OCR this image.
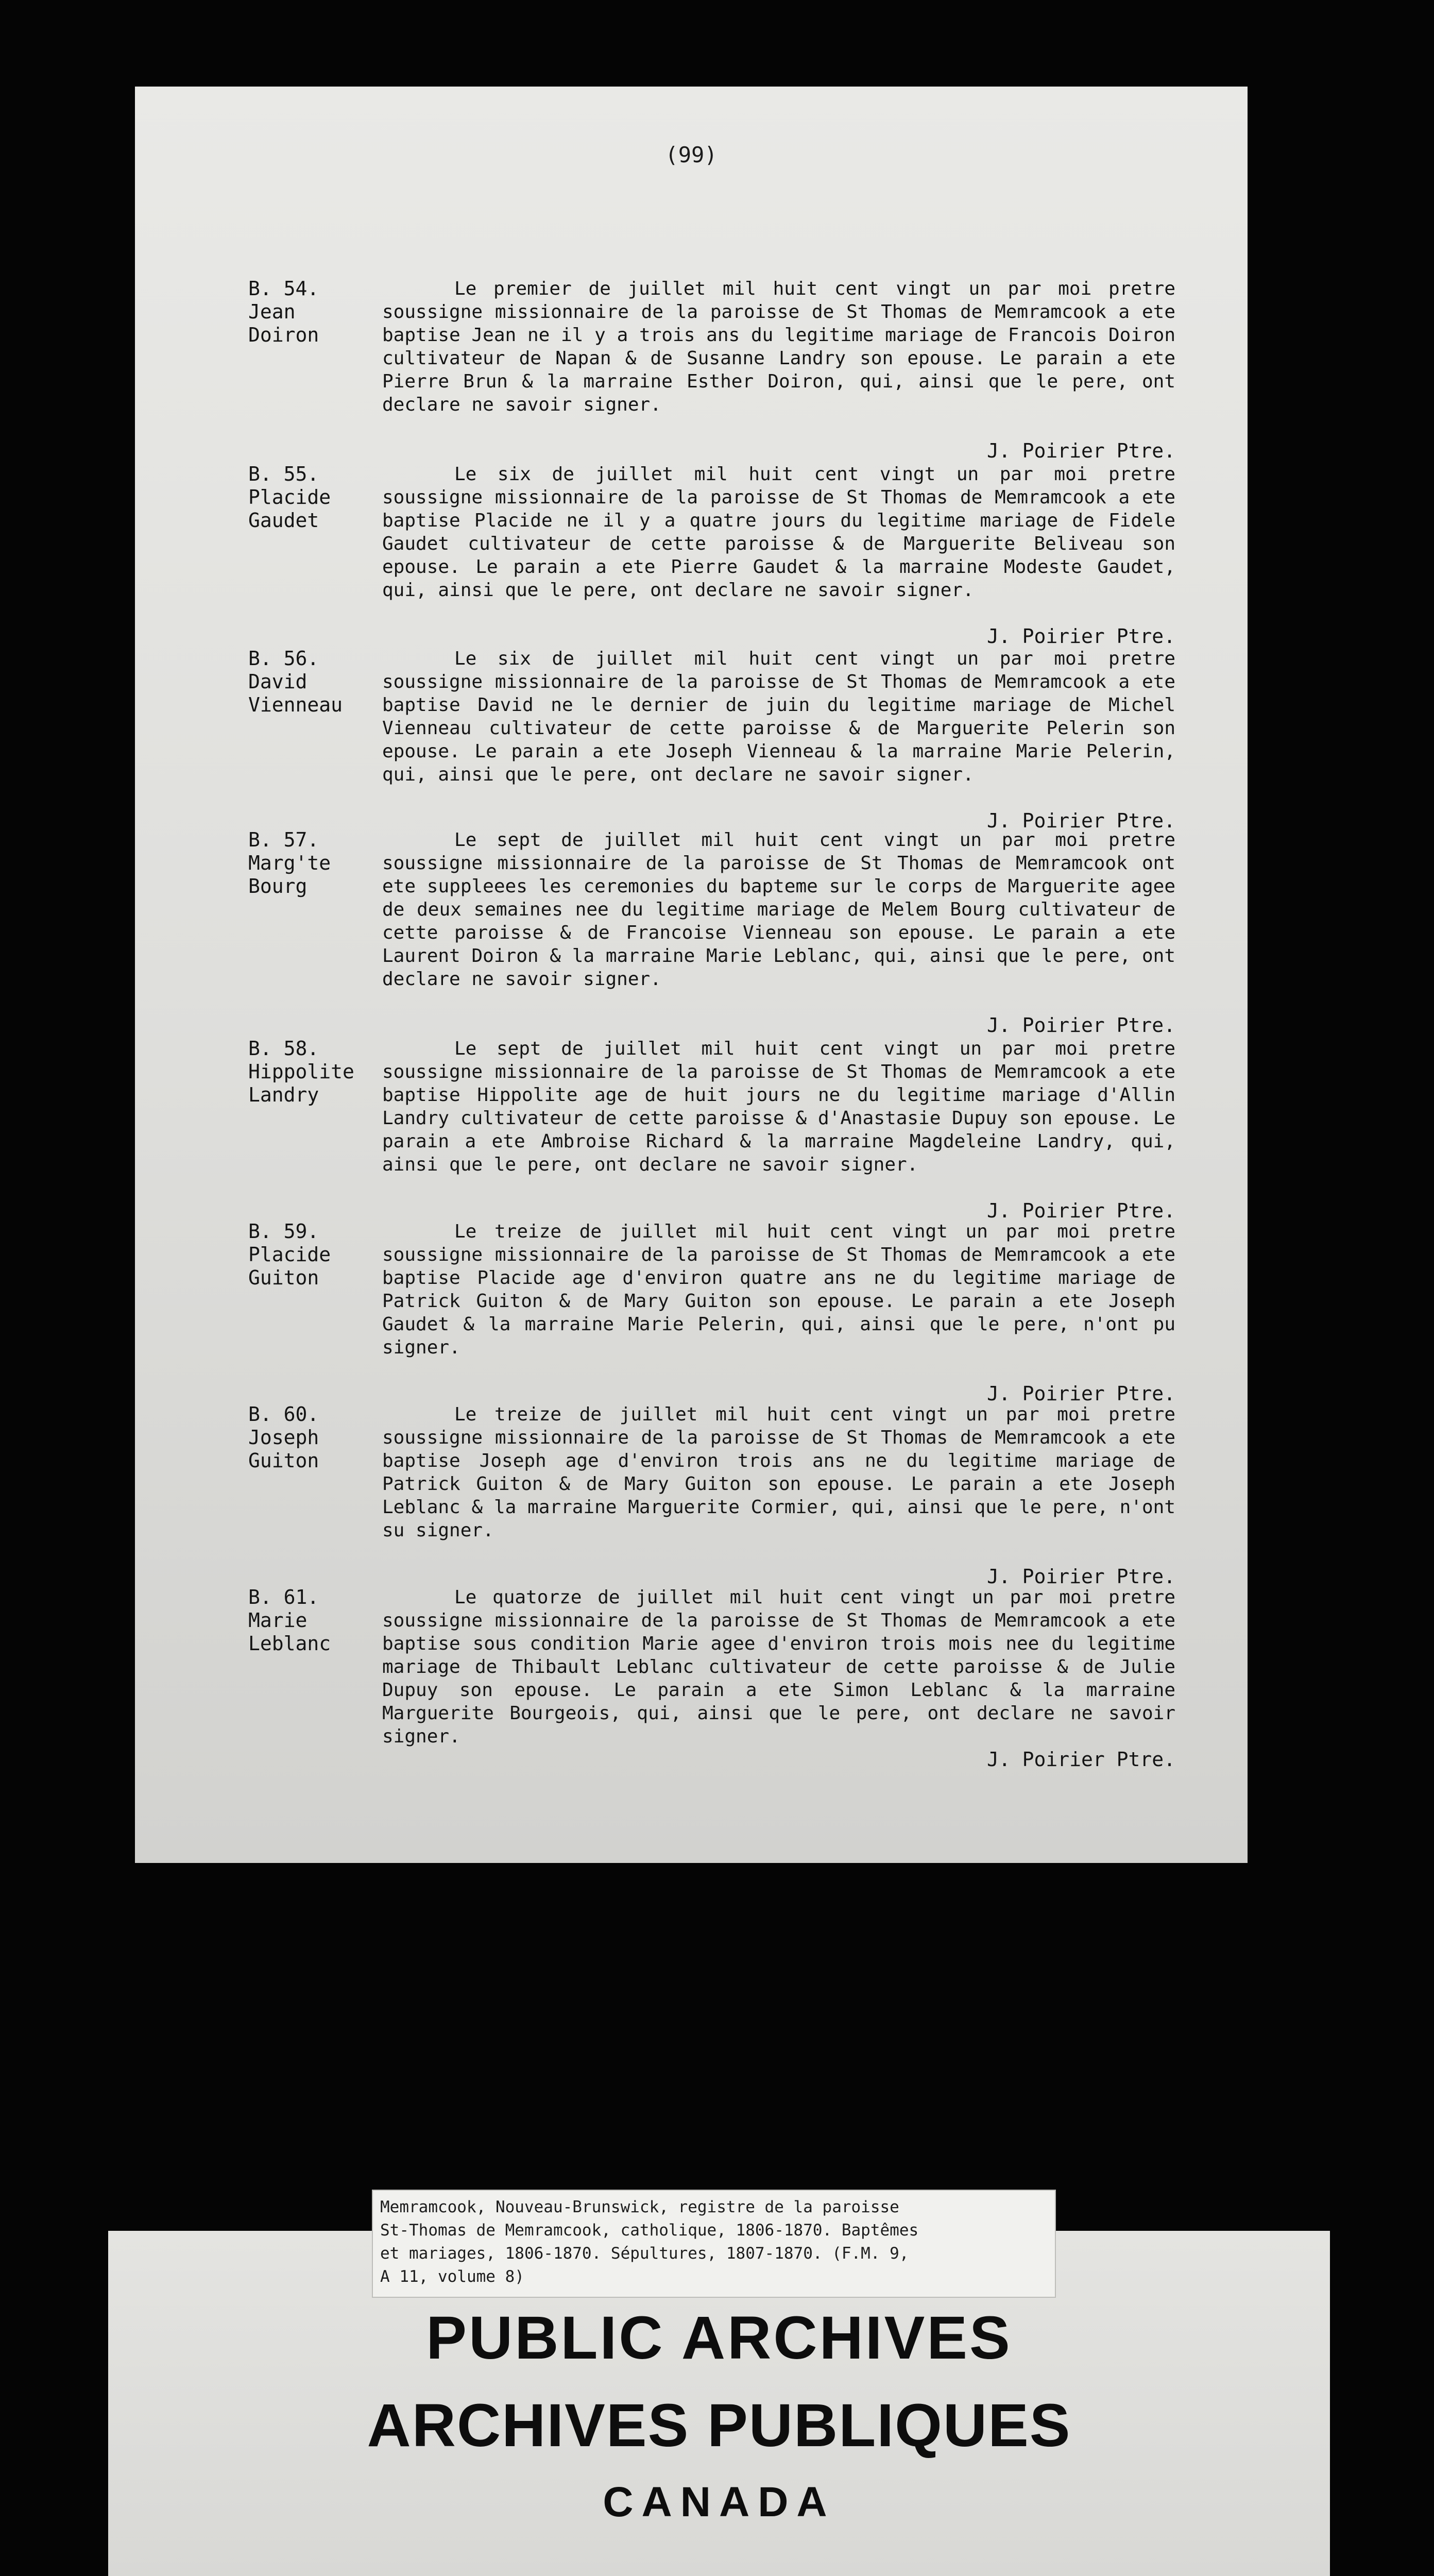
(99)
B. 54.
Jean
Doiron
Le premier de juillet mil huit cent vingt un par moi pretre soussigne missionnaire de la paroisse de St Thomas de Memramcook a ete baptise Jean ne il y a trois ans du legitime mariage de Francois Doiron cultivateur de Napan & de Susanne Landry son epouse. Le parain a ete Pierre Brun & la marraine Esther Doiron, qui, ainsi que le pere, ont declare ne savoir signer.
J. Poirier Ptre.
B. 55.
Placide
Gaudet
Le six de juillet mil huit cent vingt un par moi pretre soussigne missionnaire de la paroisse de St Thomas de Memramcook a ete baptise Placide ne il y a quatre jours du legitime mariage de Fidele Gaudet cultivateur de cette paroisse & de Marguerite Beliveau son epouse. Le parain a ete Pierre Gaudet & la marraine Modeste Gaudet, qui, ainsi que le pere, ont declare ne savoir signer.
J. Poirier Ptre.
B. 56.
David
Vienneau
Le six de juillet mil huit cent vingt un par moi pretre soussigne missionnaire de la paroisse de St Thomas de Memramcook a ete baptise David ne le dernier de juin du legitime mariage de Michel Vienneau cultivateur de cette paroisse & de Marguerite Pelerin son epouse. Le parain a ete Joseph Vienneau & la marraine Marie Pelerin, qui, ainsi que le pere, ont declare ne savoir signer.
J. Poirier Ptre.
B. 57.
Marg'te
Bourg
Le sept de juillet mil huit cent vingt un par moi pretre soussigne missionnaire de la paroisse de St Thomas de Memramcook ont ete suppleees les ceremonies du bapteme sur le corps de Marguerite agee de deux semaines nee du legitime mariage de Melem Bourg cultivateur de cette paroisse & de Francoise Vienneau son epouse. Le parain a ete Laurent Doiron & la marraine Marie Leblanc, qui, ainsi que le pere, ont declare ne savoir signer.
J. Poirier Ptre.
B. 58.
Hippolite
Landry
Le sept de juillet mil huit cent vingt un par moi pretre soussigne missionnaire de la paroisse de St Thomas de Memramcook a ete baptise Hippolite age de huit jours ne du legitime mariage d'Allin Landry cultivateur de cette paroisse & d'Anastasie Dupuy son epouse. Le parain a ete Ambroise Richard & la marraine Magdeleine Landry, qui, ainsi que le pere, ont declare ne savoir signer.
J. Poirier Ptre.
B. 59.
Placide
Guiton
Le treize de juillet mil huit cent vingt un par moi pretre soussigne missionnaire de la paroisse de St Thomas de Memramcook a ete baptise Placide age d'environ quatre ans ne du legitime mariage de Patrick Guiton & de Mary Guiton son epouse. Le parain a ete Joseph Gaudet & la marraine Marie Pelerin, qui, ainsi que le pere, n'ont pu signer.
J. Poirier Ptre.
B. 60.
Joseph
Guiton
Le treize de juillet mil huit cent vingt un par moi pretre soussigne missionnaire de la paroisse de St Thomas de Memramcook a ete baptise Joseph age d'environ trois ans ne du legitime mariage de Patrick Guiton & de Mary Guiton son epouse. Le parain a ete Joseph Leblanc & la marraine Marguerite Cormier, qui, ainsi que le pere, n'ont su signer.
J. Poirier Ptre.
B. 61.
Marie
Leblanc
Le quatorze de juillet mil huit cent vingt un par moi pretre soussigne missionnaire de la paroisse de St Thomas de Memramcook a ete baptise sous condition Marie agee d'environ trois mois nee du legitime mariage de Thibault Leblanc cultivateur de cette paroisse & de Julie Dupuy son epouse. Le parain a ete Simon Leblanc & la marraine Marguerite Bourgeois, qui, ainsi que le pere, ont declare ne savoir signer.
J. Poirier Ptre.
Memramcook, Nouveau-Brunswick, registre de la paroisse
St-Thomas de Memramcook, catholique, 1806-1870. Baptêmes
et mariages, 1806-1870. Sépultures, 1807-1870. (F.M. 9,
A 11, volume 8)
PUBLIC ARCHIVES
ARCHIVES PUBLIQUES
CANADA
